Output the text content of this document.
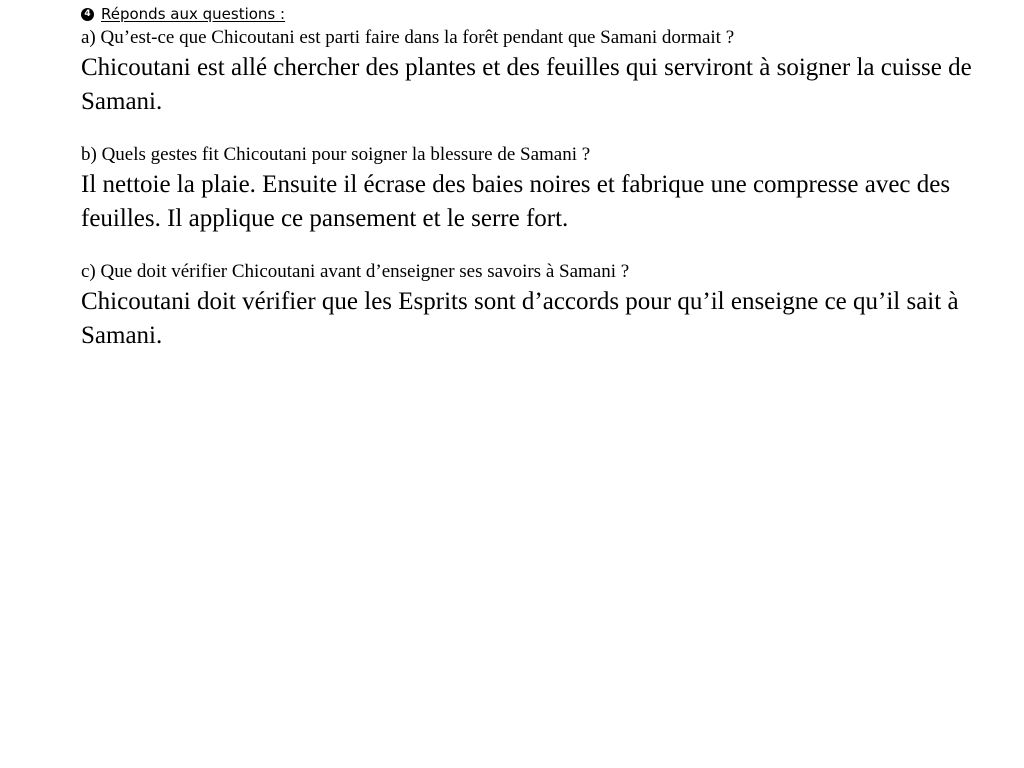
4 Réponds aux questions :
a) Qu’est-ce que Chicoutani est parti faire dans la forêt pendant que Samani dormait ?
Chicoutani est allé chercher des plantes et des feuilles qui serviront à soigner la cuisse de Samani.
b) Quels gestes fit Chicoutani pour soigner la blessure de Samani ?
Il nettoie la plaie. Ensuite il écrase des baies noires et fabrique une compresse avec des feuilles. Il applique ce pansement et le serre fort.
c) Que doit vérifier Chicoutani avant d’enseigner ses savoirs à Samani ?
Chicoutani doit vérifier que les Esprits sont d’accords pour qu’il enseigne ce qu’il sait à Samani.
